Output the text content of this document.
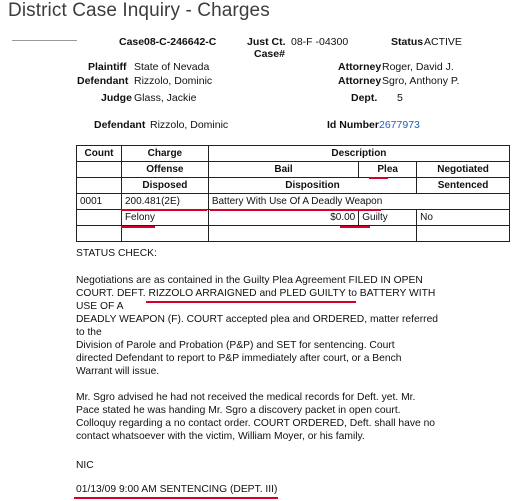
District Case Inquiry - Charges
Case 08-C-246642-C	Just Ct. 08-F -04300
Case#
Status ACTIVE
Plaintiff State of Nevada
Defendant Rizzolo, Dominic
Judge Glass, Jackie
Attorney Roger, David J.
Attorney Sgro, Anthony P.
Dept. 5
Defendant Rizzolo, Dominic	Id Number 2677973
Count	Charge	Description		
	Offense	Bail	Plea	Negotiated
	Disposed	Disposition		Sentenced
0001	200.481(2E)	Battery With Use Of A Deadly Weapon		
	Felony	$0.00	Guilty	No

STATUS CHECK:
Negotiations are as contained in the Guilty Plea Agreement FILED IN OPEN
COURT. DEFT. RIZZOLO ARRAIGNED and PLED GUILTY to BATTERY WITH
USE OF A
DEADLY WEAPON (F). COURT accepted plea and ORDERED, matter referred
to the
Division of Parole and Probation (P&P) and SET for sentencing. Court
directed Defendant to report to P&P immediately after court, or a Bench
Warrant will issue.
Mr. Sgro advised he had not received the medical records for Deft. yet. Mr.
Pace stated he was handing Mr. Sgro a discovery packet in open court.
Colloquy regarding a no contact order. COURT ORDERED, Deft. shall have no
contact whatsoever with the victim, William Moyer, or his family.
NIC
01/13/09 9:00 AM SENTENCING (DEPT. III)
